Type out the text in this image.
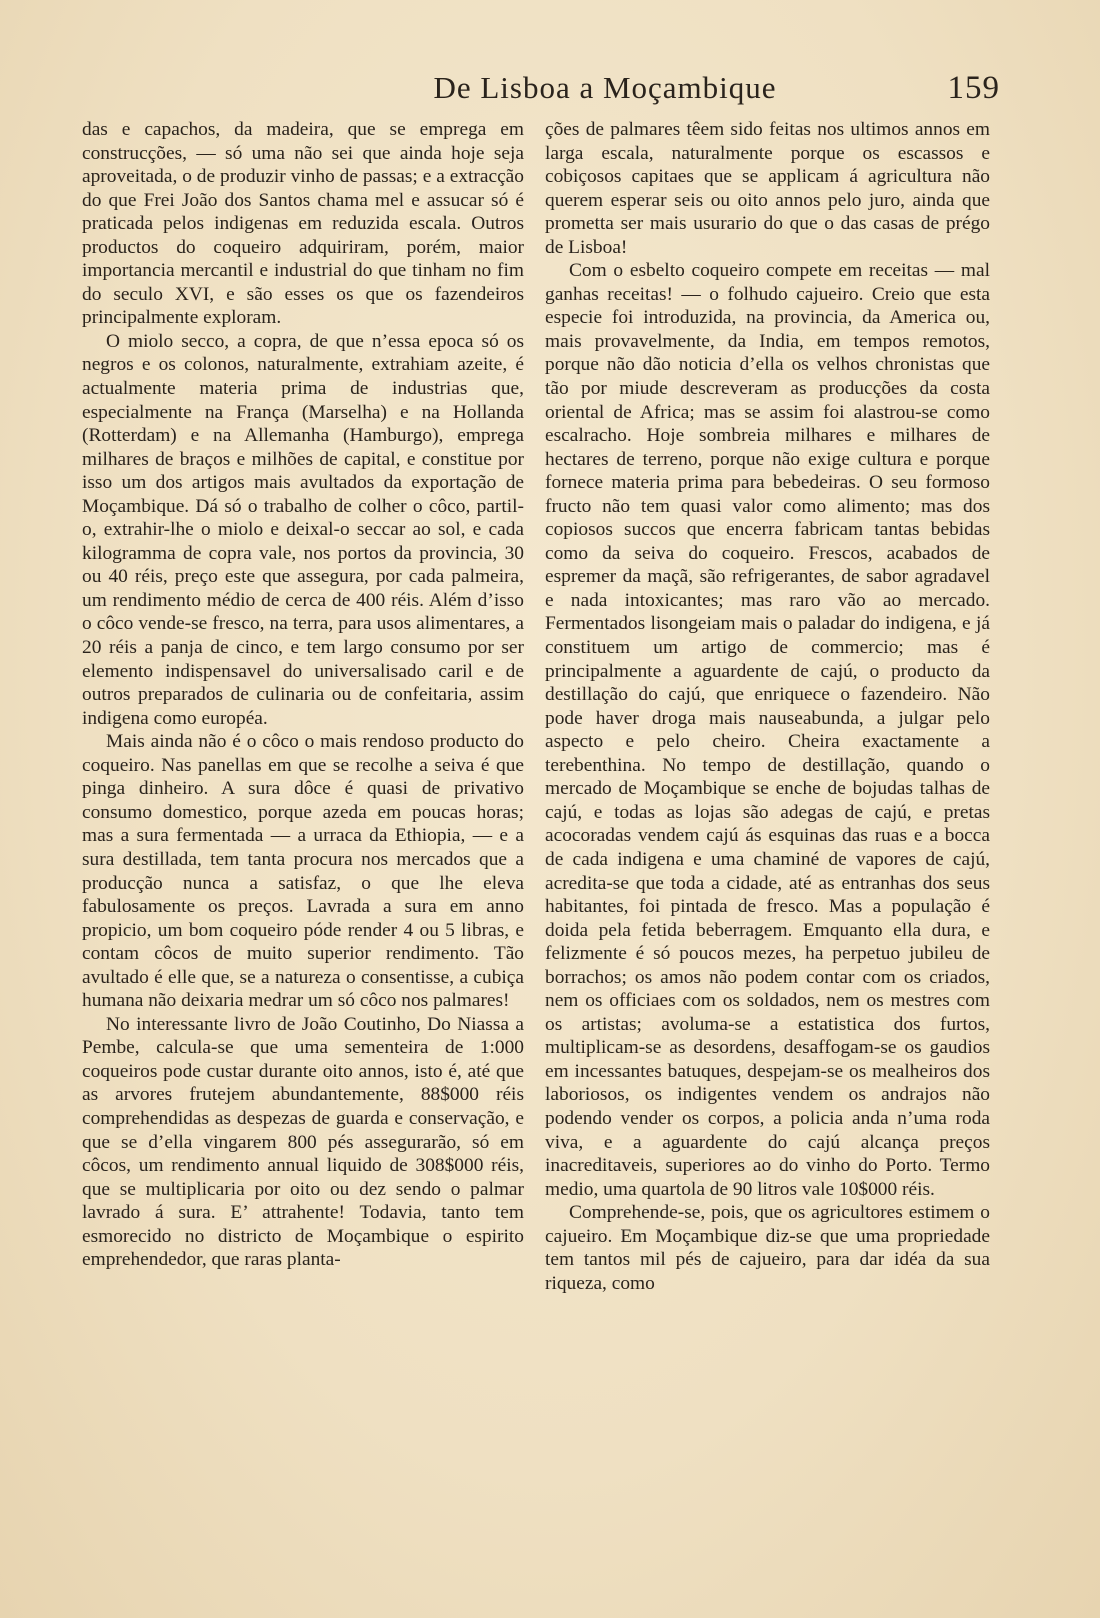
De Lisboa a Moçambique	159

das e capachos, da madeira, que se emprega em construcções, — só uma não sei que ainda hoje seja aproveitada, o de produzir vinho de passas; e a extracção do que Frei João dos Santos chama mel e assucar só é praticada pelos indigenas em reduzida escala. Outros productos do coqueiro adquiriram, porém, maior importancia mercantil e industrial do que tinham no fim do seculo XVI, e são esses os que os fazendeiros principalmente exploram.

O miolo secco, a copra, de que n’essa epoca só os negros e os colonos, naturalmente, extrahiam azeite, é actualmente materia prima de industrias que, especialmente na França (Marselha) e na Hollanda (Rotterdam) e na Allemanha (Hamburgo), emprega milhares de braços e milhões de capital, e constitue por isso um dos artigos mais avultados da exportação de Moçambique. Dá só o trabalho de colher o côco, partil-o, extrahir-lhe o miolo e deixal-o seccar ao sol, e cada kilogramma de copra vale, nos portos da provincia, 30 ou 40 réis, preço este que assegura, por cada palmeira, um rendimento médio de cerca de 400 réis. Além d’isso o côco vende-se fresco, na terra, para usos alimentares, a 20 réis a panja de cinco, e tem largo consumo por ser elemento indispensavel do universalisado caril e de outros preparados de culinaria ou de confeitaria, assim indigena como européa.

Mais ainda não é o côco o mais rendoso producto do coqueiro. Nas panellas em que se recolhe a seiva é que pinga dinheiro. A sura dôce é quasi de privativo consumo domestico, porque azeda em poucas horas; mas a sura fermentada — a urraca da Ethiopia, — e a sura destillada, tem tanta procura nos mercados que a producção nunca a satisfaz, o que lhe eleva fabulosamente os preços. Lavrada a sura em anno propicio, um bom coqueiro póde render 4 ou 5 libras, e contam côcos de muito superior rendimento. Tão avultado é elle que, se a natureza o consentisse, a cubiça humana não deixaria medrar um só côco nos palmares!

No interessante livro de João Coutinho, Do Niassa a Pembe, calcula-se que uma sementeira de 1:000 coqueiros pode custar durante oito annos, isto é, até que as arvores frutejem abundantemente, 88$000 réis comprehendidas as despezas de guarda e conservação, e que se d’ella vingarem 800 pés assegurarão, só em côcos, um rendimento annual liquido de 308$000 réis, que se multiplicaria por oito ou dez sendo o palmar lavrado á sura. E’ attrahente! Todavia, tanto tem esmorecido no districto de Moçambique o espirito emprehendedor, que raras planta-

ções de palmares têem sido feitas nos ultimos annos em larga escala, naturalmente porque os escassos e cobiçosos capitaes que se applicam á agricultura não querem esperar seis ou oito annos pelo juro, ainda que prometta ser mais usurario do que o das casas de prégo de Lisboa!

Com o esbelto coqueiro compete em receitas — mal ganhas receitas! — o folhudo cajueiro. Creio que esta especie foi introduzida, na provincia, da America ou, mais provavelmente, da India, em tempos remotos, porque não dão noticia d’ella os velhos chronistas que tão por miude descreveram as producções da costa oriental de Africa; mas se assim foi alastrou-se como escalracho. Hoje sombreia milhares e milhares de hectares de terreno, porque não exige cultura e porque fornece materia prima para bebedeiras. O seu formoso fructo não tem quasi valor como alimento; mas dos copiosos succos que encerra fabricam tantas bebidas como da seiva do coqueiro. Frescos, acabados de espremer da maçã, são refrigerantes, de sabor agradavel e nada intoxicantes; mas raro vão ao mercado. Fermentados lisongeiam mais o paladar do indigena, e já constituem um artigo de commercio; mas é principalmente a aguardente de cajú, o producto da destillação do cajú, que enriquece o fazendeiro. Não pode haver droga mais nauseabunda, a julgar pelo aspecto e pelo cheiro. Cheira exactamente a terebenthina. No tempo de destillação, quando o mercado de Moçambique se enche de bojudas talhas de cajú, e todas as lojas são adegas de cajú, e pretas acocoradas vendem cajú ás esquinas das ruas e a bocca de cada indigena e uma chaminé de vapores de cajú, acredita-se que toda a cidade, até as entranhas dos seus habitantes, foi pintada de fresco. Mas a população é doida pela fetida beberragem. Emquanto ella dura, e felizmente é só poucos mezes, ha perpetuo jubileu de borrachos; os amos não podem contar com os criados, nem os officiaes com os soldados, nem os mestres com os artistas; avoluma-se a estatistica dos furtos, multiplicam-se as desordens, desaffogam-se os gaudios em incessantes batuques, despejam-se os mealheiros dos laboriosos, os indigentes vendem os andrajos não podendo vender os corpos, a policia anda n’uma roda viva, e a aguardente do cajú alcança preços inacreditaveis, superiores ao do vinho do Porto. Termo medio, uma quartola de 90 litros vale 10$000 réis.

Comprehende-se, pois, que os agricultores estimem o cajueiro. Em Moçambique diz-se que uma propriedade tem tantos mil pés de cajueiro, para dar idéa da sua riqueza, como
